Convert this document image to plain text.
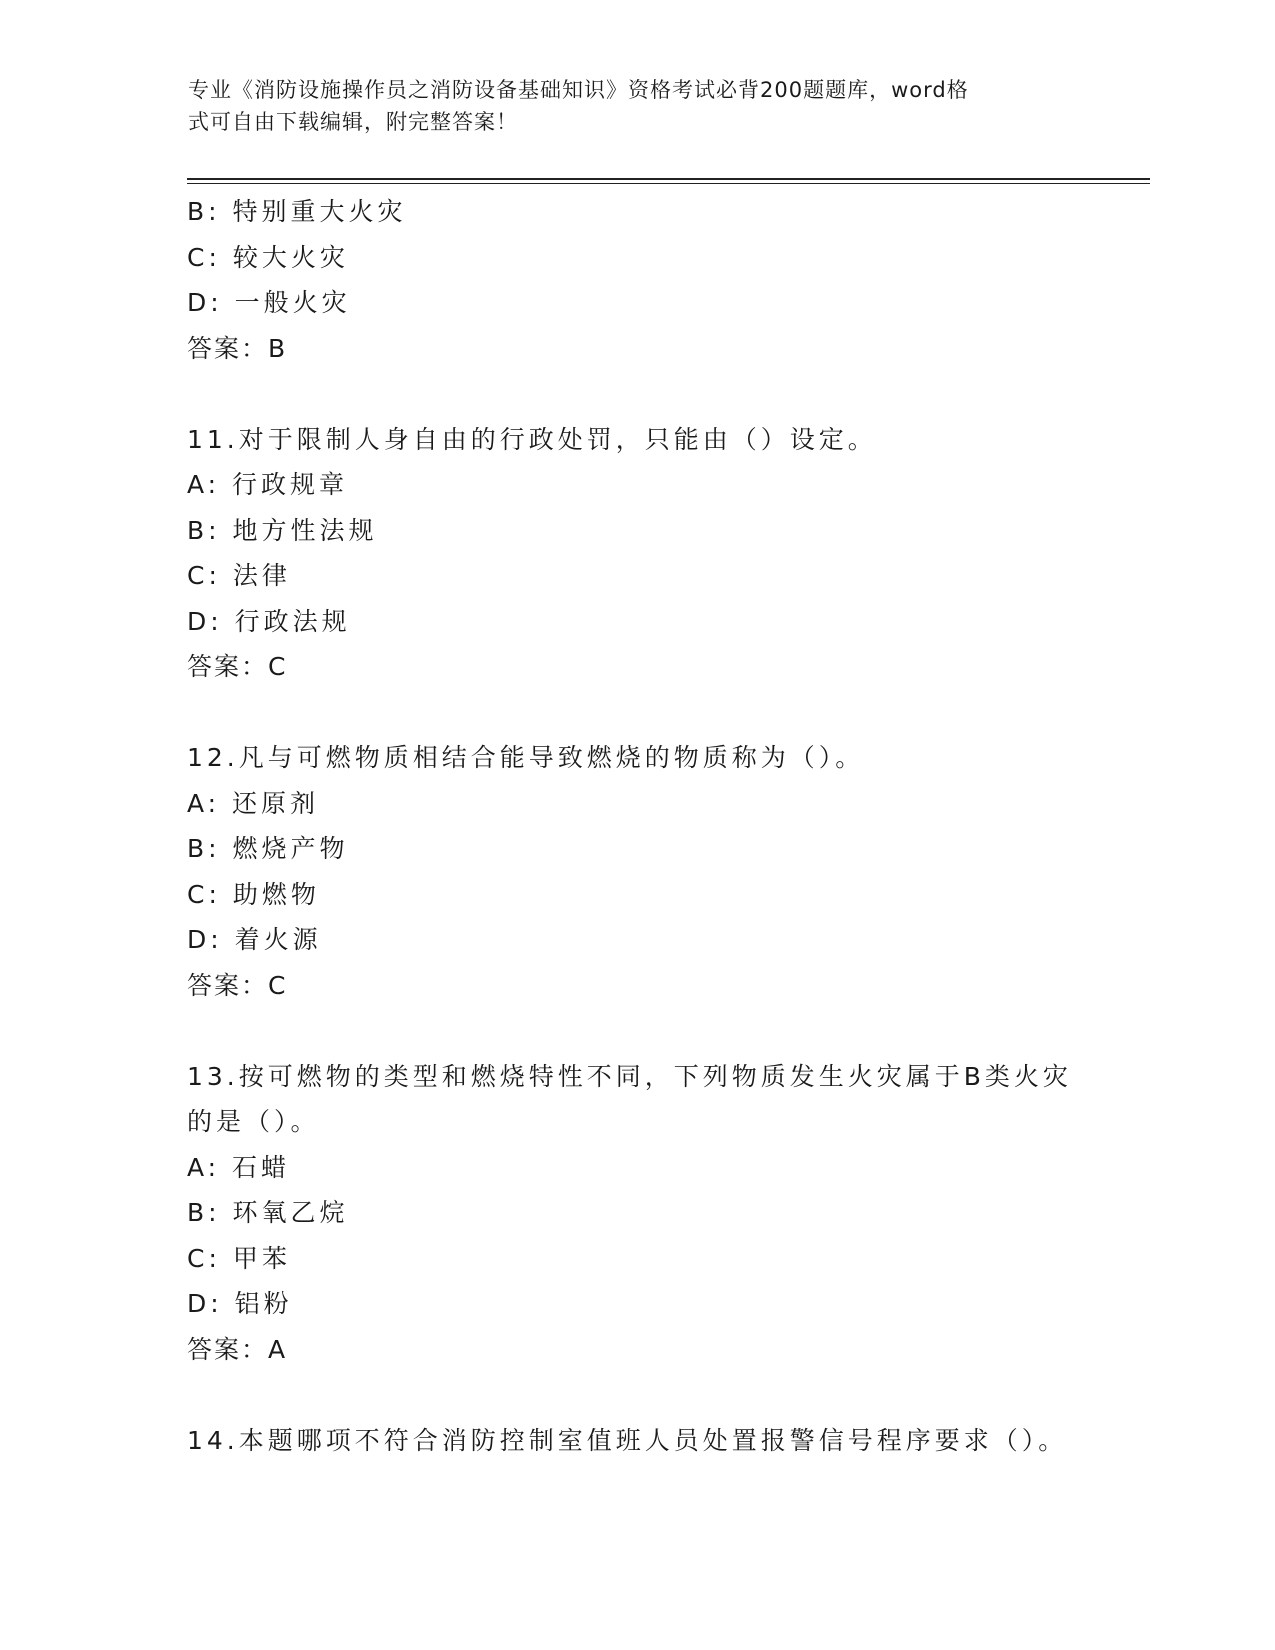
专业《消防设施操作员之消防设备基础知识》资格考试必背200题题库，word格
式可自由下载编辑，附完整答案！
B: 特别重大火灾
C: 较大火灾
D: 一般火灾
答案：B
11.对于限制人身自由的行政处罚，只能由（）设定。
A: 行政规章
B: 地方性法规
C: 法律
D: 行政法规
答案：C
12.凡与可燃物质相结合能导致燃烧的物质称为（）。
A: 还原剂
B: 燃烧产物
C: 助燃物
D: 着火源
答案：C
13.按可燃物的类型和燃烧特性不同，下列物质发生火灾属于B类火灾
的是（）。
A: 石蜡
B: 环氧乙烷
C: 甲苯
D: 铝粉
答案：A
14.本题哪项不符合消防控制室值班人员处置报警信号程序要求（）。
